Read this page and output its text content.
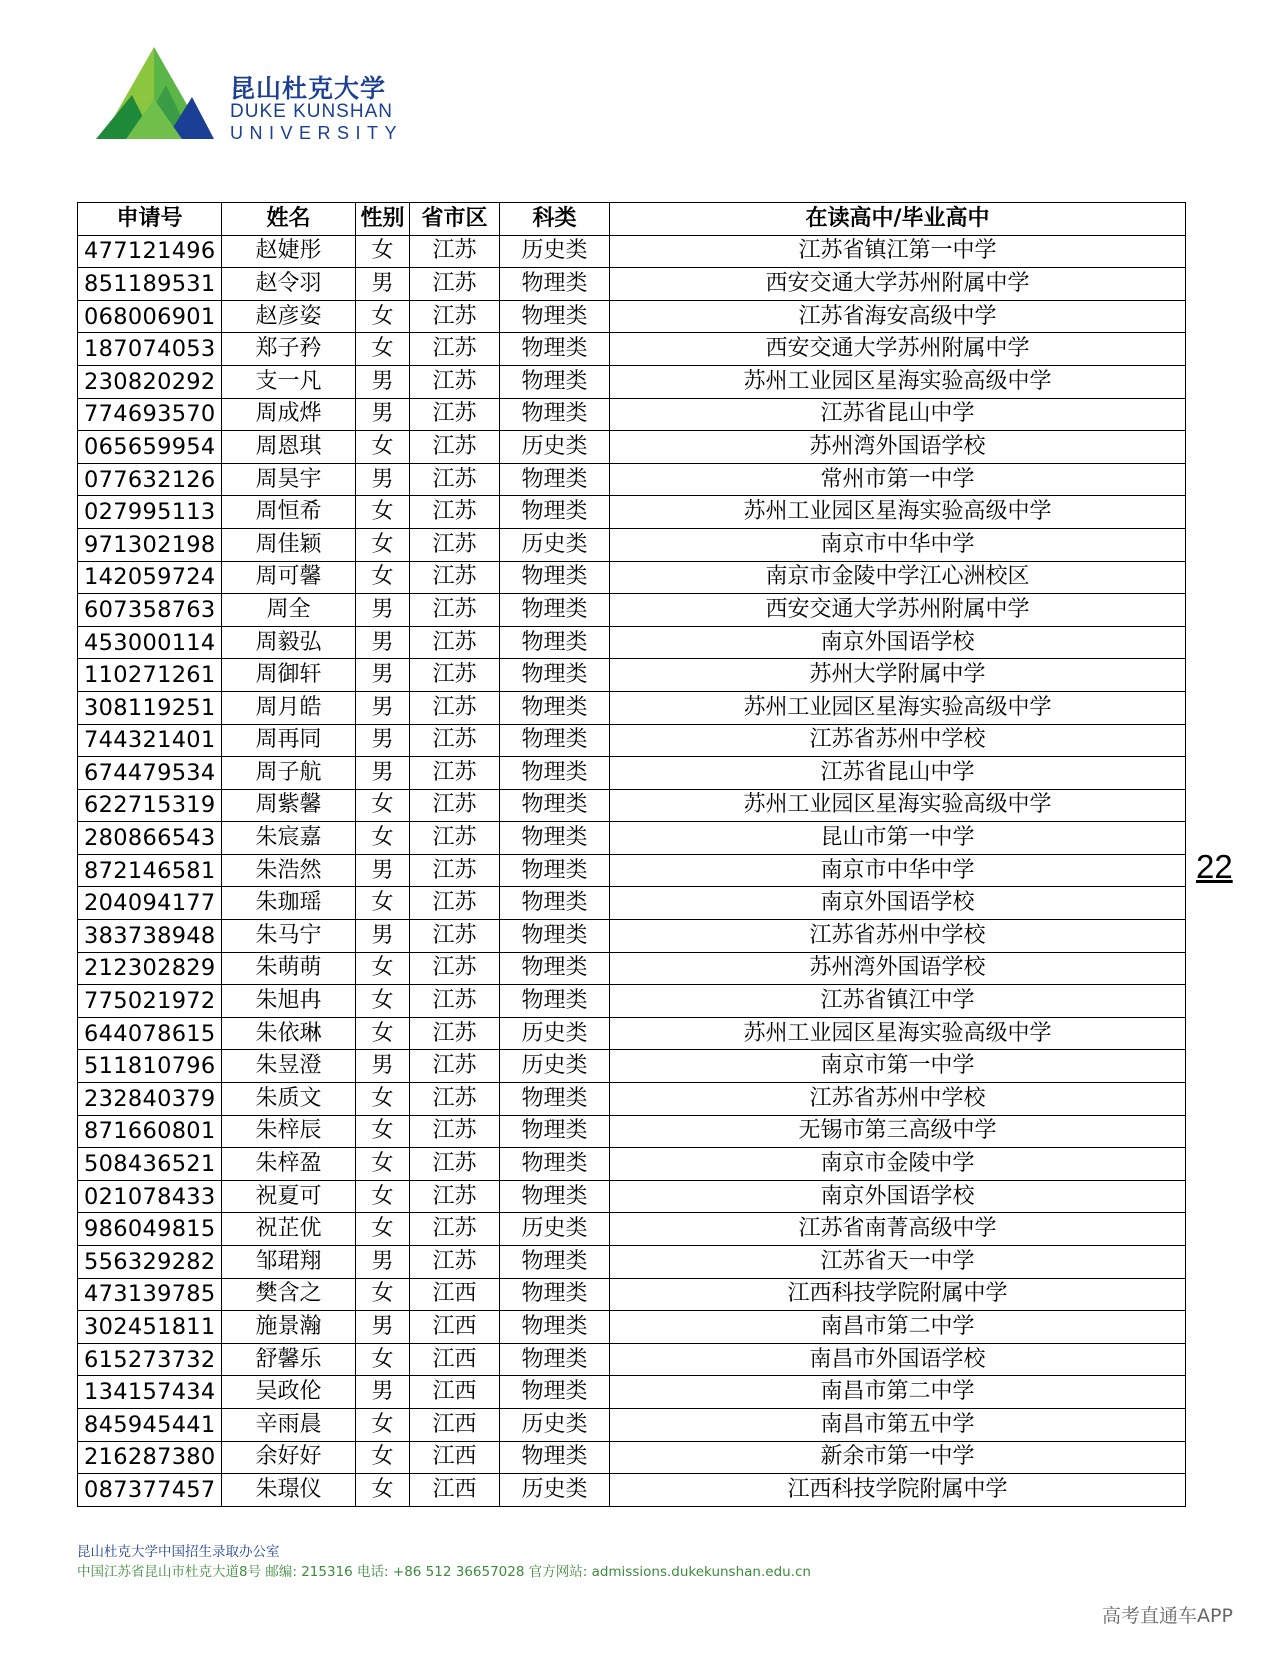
昆山杜克大学
DUKE KUNSHAN
UNIVERSITY
申请号	姓名	性别	省市区	科类	在读高中/毕业高中
477121496	赵婕彤	女	江苏	历史类	江苏省镇江第一中学
851189531	赵令羽	男	江苏	物理类	西安交通大学苏州附属中学
068006901	赵彦姿	女	江苏	物理类	江苏省海安高级中学
187074053	郑子矜	女	江苏	物理类	西安交通大学苏州附属中学
230820292	支一凡	男	江苏	物理类	苏州工业园区星海实验高级中学
774693570	周成烨	男	江苏	物理类	江苏省昆山中学
065659954	周恩琪	女	江苏	历史类	苏州湾外国语学校
077632126	周昊宇	男	江苏	物理类	常州市第一中学
027995113	周恒希	女	江苏	物理类	苏州工业园区星海实验高级中学
971302198	周佳颖	女	江苏	历史类	南京市中华中学
142059724	周可馨	女	江苏	物理类	南京市金陵中学江心洲校区
607358763	周全	男	江苏	物理类	西安交通大学苏州附属中学
453000114	周毅弘	男	江苏	物理类	南京外国语学校
110271261	周御轩	男	江苏	物理类	苏州大学附属中学
308119251	周月皓	男	江苏	物理类	苏州工业园区星海实验高级中学
744321401	周再同	男	江苏	物理类	江苏省苏州中学校
674479534	周子航	男	江苏	物理类	江苏省昆山中学
622715319	周紫馨	女	江苏	物理类	苏州工业园区星海实验高级中学
280866543	朱宸嘉	女	江苏	物理类	昆山市第一中学
872146581	朱浩然	男	江苏	物理类	南京市中华中学
204094177	朱珈瑶	女	江苏	物理类	南京外国语学校
383738948	朱马宁	男	江苏	物理类	江苏省苏州中学校
212302829	朱萌萌	女	江苏	物理类	苏州湾外国语学校
775021972	朱旭冉	女	江苏	物理类	江苏省镇江中学
644078615	朱依琳	女	江苏	历史类	苏州工业园区星海实验高级中学
511810796	朱昱澄	男	江苏	历史类	南京市第一中学
232840379	朱质文	女	江苏	物理类	江苏省苏州中学校
871660801	朱梓辰	女	江苏	物理类	无锡市第三高级中学
508436521	朱梓盈	女	江苏	物理类	南京市金陵中学
021078433	祝夏可	女	江苏	物理类	南京外国语学校
986049815	祝芷优	女	江苏	历史类	江苏省南菁高级中学
556329282	邹珺翔	男	江苏	物理类	江苏省天一中学
473139785	樊含之	女	江西	物理类	江西科技学院附属中学
302451811	施景瀚	男	江西	物理类	南昌市第二中学
615273732	舒馨乐	女	江西	物理类	南昌市外国语学校
134157434	吴政伦	男	江西	物理类	南昌市第二中学
845945441	辛雨晨	女	江西	历史类	南昌市第五中学
216287380	余好好	女	江西	物理类	新余市第一中学
087377457	朱璟仪	女	江西	历史类	江西科技学院附属中学
22
昆山杜克大学中国招生录取办公室
中国江苏省昆山市杜克大道8号 邮编: 215316 电话: +86 512 36657028 官方网站: admissions.dukekunshan.edu.cn
高考直通车APP
